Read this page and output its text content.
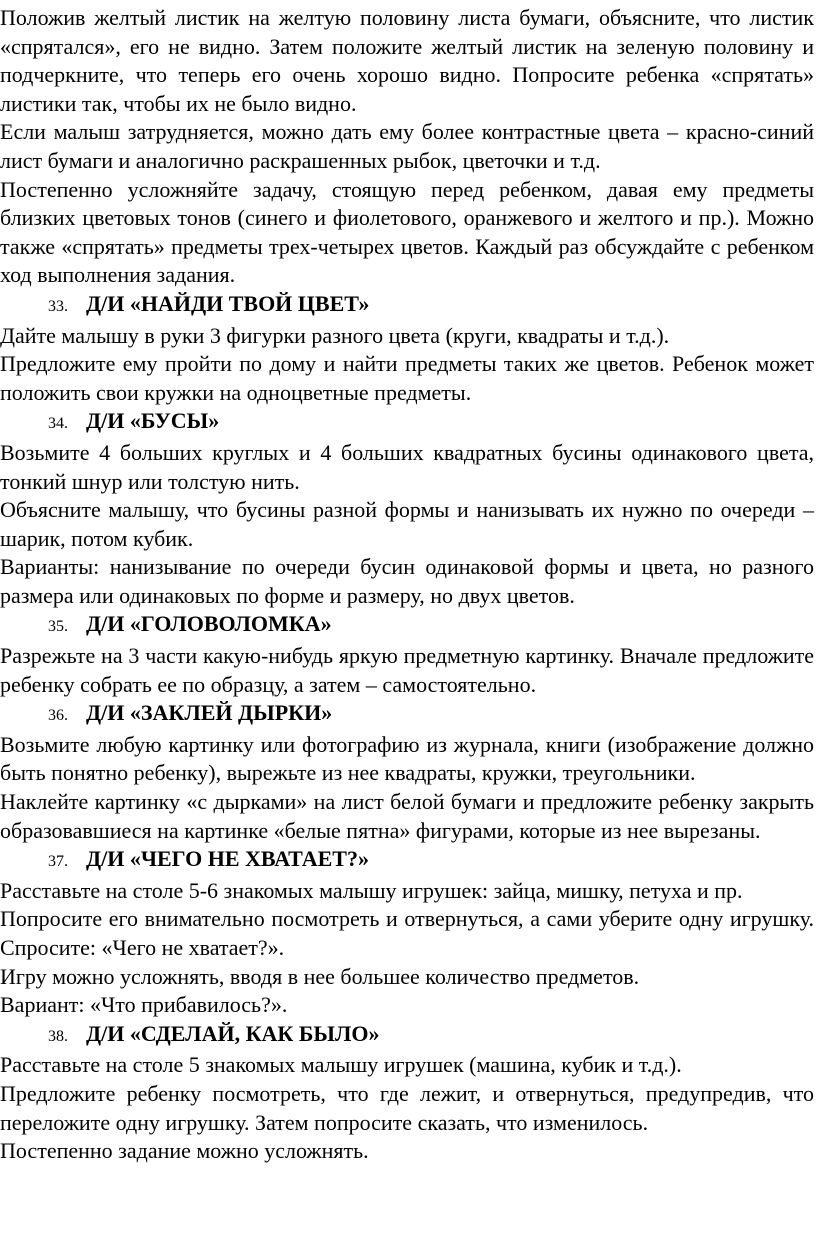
Положив желтый листик на желтую половину листа бумаги, объясните, что листик «спрятался», его не видно. Затем положите желтый листик на зеленую половину и подчеркните, что теперь его очень хорошо видно. Попросите ребенка «спрятать» листики так, чтобы их не было видно.

Если малыш затрудняется, можно дать ему более контрастные цвета – красно-синий лист бумаги и аналогично раскрашенных рыбок, цветочки и т.д.

Постепенно усложняйте задачу, стоящую перед ребенком, давая ему предметы близких цветовых тонов (синего и фиолетового, оранжевого и желтого и пр.). Можно также «спрятать» предметы трех-четырех цветов. Каждый раз обсуждайте с ребенком ход выполнения задания.

33. Д/И «НАЙДИ ТВОЙ ЦВЕТ»

Дайте малышу в руки 3 фигурки разного цвета (круги, квадраты и т.д.).

Предложите ему пройти по дому и найти предметы таких же цветов. Ребенок может положить свои кружки на одноцветные предметы.

34. Д/И «БУСЫ»

Возьмите 4 больших круглых и 4 больших квадратных бусины одинакового цвета, тонкий шнур или толстую нить.

Объясните малышу, что бусины разной формы и нанизывать их нужно по очереди – шарик, потом кубик.

Варианты: нанизывание по очереди бусин одинаковой формы и цвета, но разного размера или одинаковых по форме и размеру, но двух цветов.

35. Д/И «ГОЛОВОЛОМКА»

Разрежьте на 3 части какую-нибудь яркую предметную картинку. Вначале предложите ребенку собрать ее по образцу, а затем – самостоятельно.

36. Д/И «ЗАКЛЕЙ ДЫРКИ»

Возьмите любую картинку или фотографию из журнала, книги (изображение должно быть понятно ребенку), вырежьте из нее квадраты, кружки, треугольники.

Наклейте картинку «с дырками» на лист белой бумаги и предложите ребенку закрыть образовавшиеся на картинке «белые пятна» фигурами, которые из нее вырезаны.

37. Д/И «ЧЕГО НЕ ХВАТАЕТ?»

Расставьте на столе 5-6 знакомых малышу игрушек: зайца, мишку, петуха и пр.

Попросите его внимательно посмотреть и отвернуться, а сами уберите одну игрушку. Спросите: «Чего не хватает?».

Игру можно усложнять, вводя в нее большее количество предметов.

Вариант: «Что прибавилось?».

38. Д/И «СДЕЛАЙ, КАК БЫЛО»

Расставьте на столе 5 знакомых малышу игрушек (машина, кубик и т.д.).

Предложите ребенку посмотреть, что где лежит, и отвернуться, предупредив, что переложите одну игрушку. Затем попросите сказать, что изменилось.

Постепенно задание можно усложнять.
